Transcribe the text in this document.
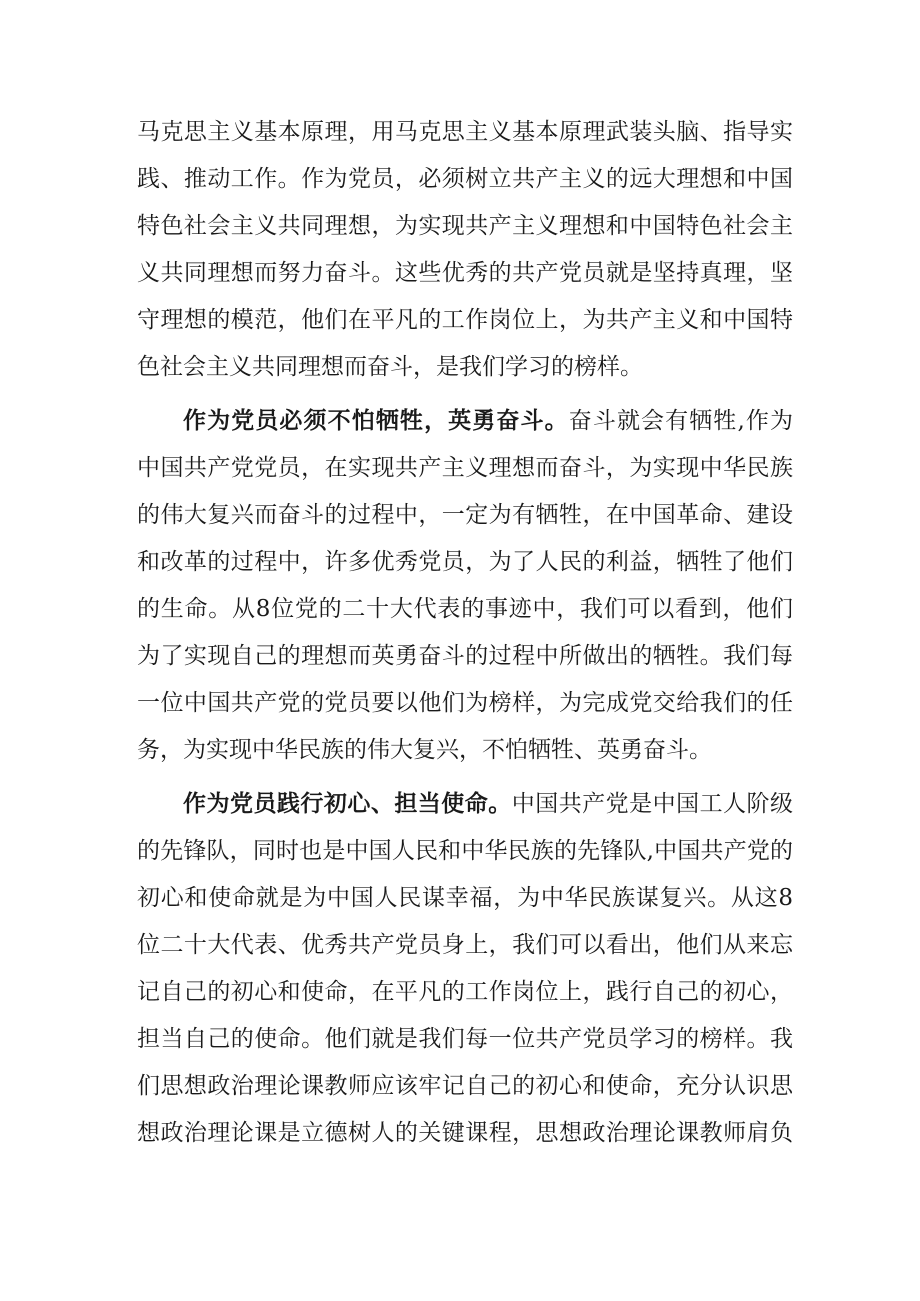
马克思主义基本原理，用马克思主义基本原理武装头脑、指导实
践、推动工作。作为党员，必须树立共产主义的远大理想和中国
特色社会主义共同理想，为实现共产主义理想和中国特色社会主
义共同理想而努力奋斗。这些优秀的共产党员就是坚持真理，坚
守理想的模范，他们在平凡的工作岗位上，为共产主义和中国特
色社会主义共同理想而奋斗，是我们学习的榜样。
作为党员必须不怕牺牲，英勇奋斗。奋斗就会有牺牲,作为
中国共产党党员，在实现共产主义理想而奋斗，为实现中华民族
的伟大复兴而奋斗的过程中，一定为有牺牲，在中国革命、建设
和改革的过程中，许多优秀党员，为了人民的利益，牺牲了他们
的生命。从8位党的二十大代表的事迹中，我们可以看到，他们
为了实现自己的理想而英勇奋斗的过程中所做出的牺牲。我们每
一位中国共产党的党员要以他们为榜样，为完成党交给我们的任
务，为实现中华民族的伟大复兴，不怕牺牲、英勇奋斗。
作为党员践行初心、担当使命。中国共产党是中国工人阶级
的先锋队，同时也是中国人民和中华民族的先锋队,中国共产党的
初心和使命就是为中国人民谋幸福，为中华民族谋复兴。从这8
位二十大代表、优秀共产党员身上，我们可以看出，他们从来忘
记自己的初心和使命，在平凡的工作岗位上，践行自己的初心，
担当自己的使命。他们就是我们每一位共产党员学习的榜样。我
们思想政治理论课教师应该牢记自己的初心和使命，充分认识思
想政治理论课是立德树人的关键课程，思想政治理论课教师肩负
